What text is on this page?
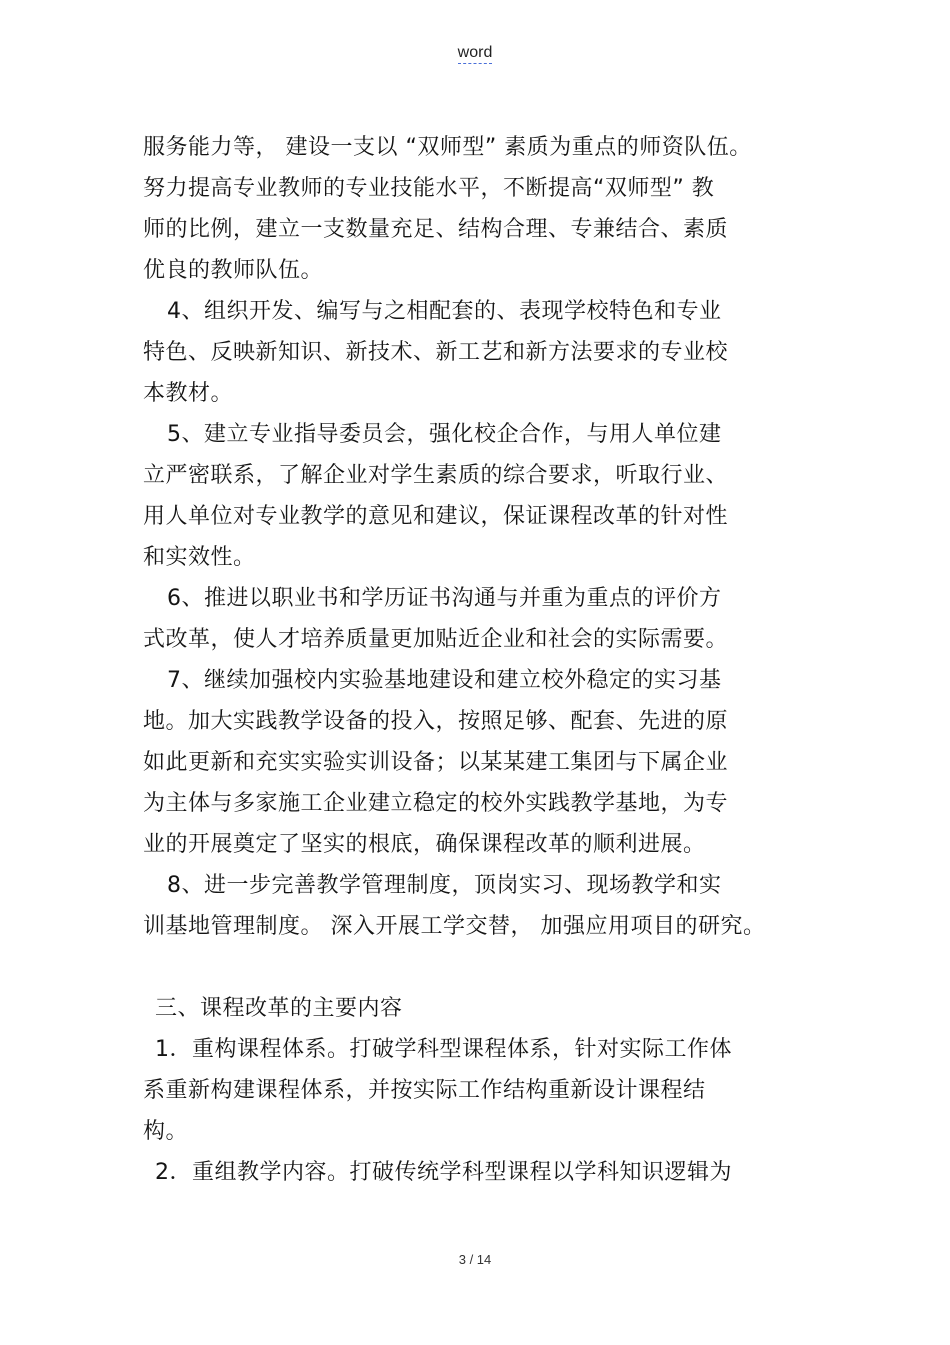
word
服务能力等， 建设一支以 “双师型” 素质为重点的师资队伍。
努力提高专业教师的专业技能水平，不断提高“双师型” 教
师的比例，建立一支数量充足、结构合理、专兼结合、素质
优良的教师队伍。
4、组织开发、编写与之相配套的、表现学校特色和专业
特色、反映新知识、新技术、新工艺和新方法要求的专业校
本教材。
5、建立专业指导委员会，强化校企合作，与用人单位建
立严密联系，了解企业对学生素质的综合要求，听取行业、
用人单位对专业教学的意见和建议，保证课程改革的针对性
和实效性。
6、推进以职业书和学历证书沟通与并重为重点的评价方
式改革，使人才培养质量更加贴近企业和社会的实际需要。
7、继续加强校内实验基地建设和建立校外稳定的实习基
地。加大实践教学设备的投入，按照足够、配套、先进的原
如此更新和充实实验实训设备；以某某建工集团与下属企业
为主体与多家施工企业建立稳定的校外实践教学基地，为专
业的开展奠定了坚实的根底，确保课程改革的顺利进展。
8、进一步完善教学管理制度，顶岗实习、现场教学和实
训基地管理制度。 深入开展工学交替， 加强应用项目的研究。
三、课程改革的主要内容
1．重构课程体系。打破学科型课程体系，针对实际工作体
系重新构建课程体系，并按实际工作结构重新设计课程结
构。
2．重组教学内容。打破传统学科型课程以学科知识逻辑为
3 / 14
